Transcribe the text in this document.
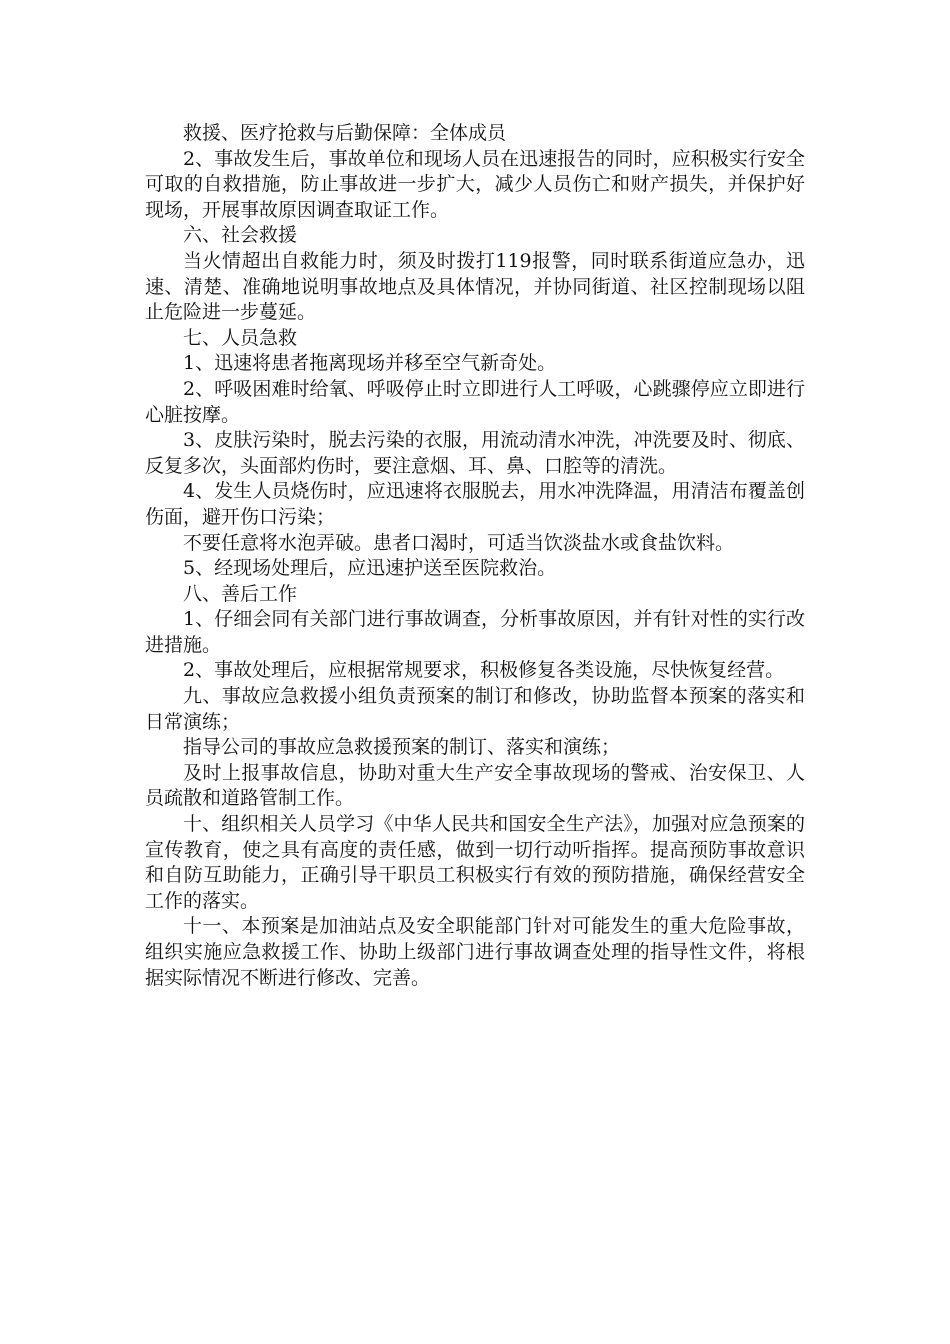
救援、医疗抢救与后勤保障：全体成员

2、事故发生后，事故单位和现场人员在迅速报告的同时，应积极实行安全可取的自救措施，防止事故进一步扩大，减少人员伤亡和财产损失，并保护好现场，开展事故原因调查取证工作。

六、社会救援

当火情超出自救能力时，须及时拨打119报警，同时联系街道应急办，迅速、清楚、准确地说明事故地点及具体情况，并协同街道、社区控制现场以阻止危险进一步蔓延。

七、人员急救

1、迅速将患者拖离现场并移至空气新奇处。

2、呼吸困难时给氧、呼吸停止时立即进行人工呼吸，心跳骤停应立即进行心脏按摩。

3、皮肤污染时，脱去污染的衣服，用流动清水冲洗，冲洗要及时、彻底、反复多次，头面部灼伤时，要注意烟、耳、鼻、口腔等的清洗。

4、发生人员烧伤时，应迅速将衣服脱去，用水冲洗降温，用清洁布覆盖创伤面，避开伤口污染；

不要任意将水泡弄破。患者口渴时，可适当饮淡盐水或食盐饮料。

5、经现场处理后，应迅速护送至医院救治。

八、善后工作

1、仔细会同有关部门进行事故调查，分析事故原因，并有针对性的实行改进措施。

2、事故处理后，应根据常规要求，积极修复各类设施，尽快恢复经营。

九、事故应急救援小组负责预案的制订和修改，协助监督本预案的落实和日常演练；

指导公司的事故应急救援预案的制订、落实和演练；

及时上报事故信息，协助对重大生产安全事故现场的警戒、治安保卫、人员疏散和道路管制工作。

十、组织相关人员学习《中华人民共和国安全生产法》，加强对应急预案的宣传教育，使之具有高度的责任感，做到一切行动听指挥。提高预防事故意识和自防互助能力，正确引导干职员工积极实行有效的预防措施，确保经营安全工作的落实。

十一、本预案是加油站点及安全职能部门针对可能发生的重大危险事故，组织实施应急救援工作、协助上级部门进行事故调查处理的指导性文件，将根据实际情况不断进行修改、完善。
